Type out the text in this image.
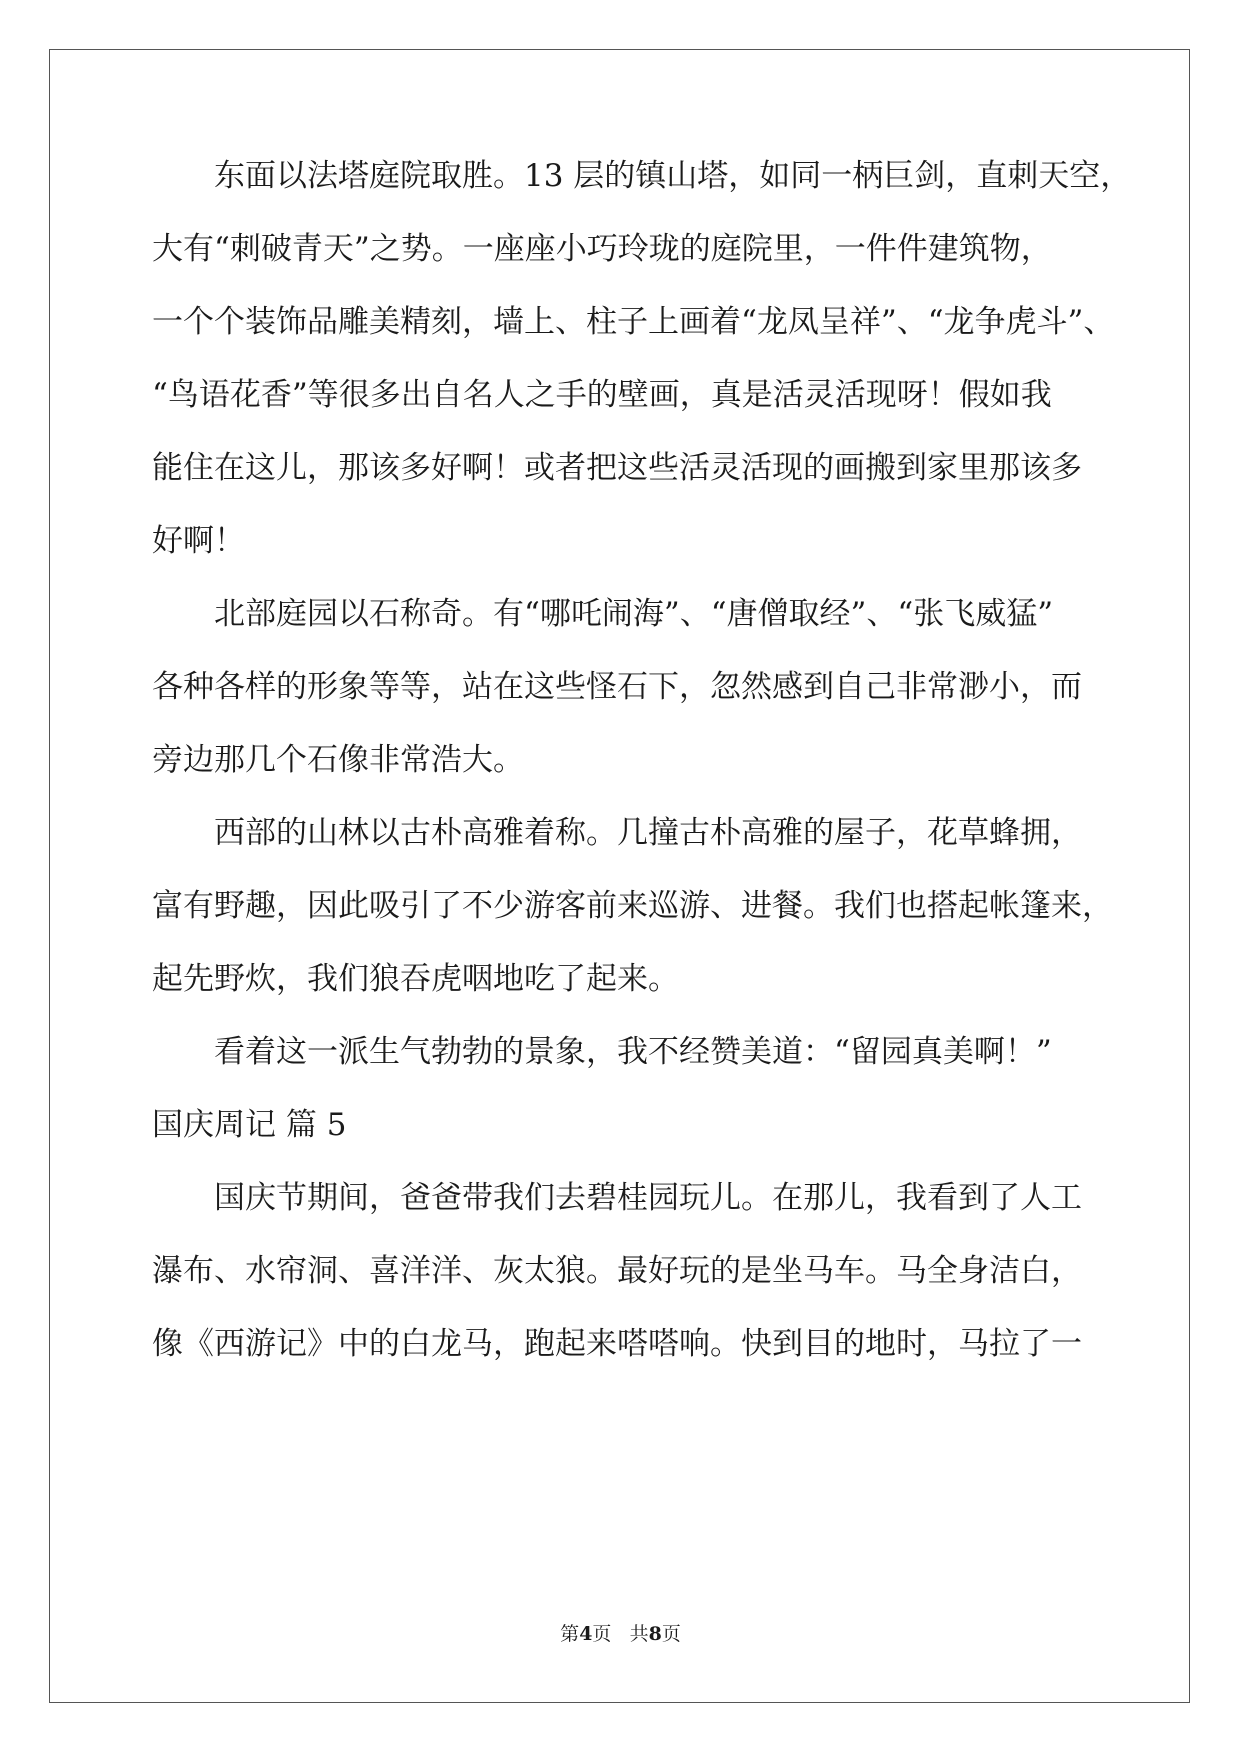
东面以法塔庭院取胜。13 层的镇山塔，如同一柄巨剑，直刺天空，

大有“刺破青天”之势。一座座小巧玲珑的庭院里，一件件建筑物，

一个个装饰品雕美精刻，墙上、柱子上画着“龙凤呈祥”、“龙争虎斗”、

“鸟语花香”等很多出自名人之手的壁画，真是活灵活现呀！假如我

能住在这儿，那该多好啊！或者把这些活灵活现的画搬到家里那该多

好啊！

北部庭园以石称奇。有“哪吒闹海”、“唐僧取经”、“张飞威猛”

各种各样的形象等等，站在这些怪石下，忽然感到自己非常渺小，而

旁边那几个石像非常浩大。

西部的山林以古朴高雅着称。几撞古朴高雅的屋子，花草蜂拥，

富有野趣，因此吸引了不少游客前来巡游、进餐。我们也搭起帐篷来，

起先野炊，我们狼吞虎咽地吃了起来。

看着这一派生气勃勃的景象，我不经赞美道：“留园真美啊！”

国庆周记 篇 5

国庆节期间，爸爸带我们去碧桂园玩儿。在那儿，我看到了人工

瀑布、水帘洞、喜洋洋、灰太狼。最好玩的是坐马车。马全身洁白，

像《西游记》中的白龙马，跑起来嗒嗒响。快到目的地时，马拉了一

第4页 共8页
